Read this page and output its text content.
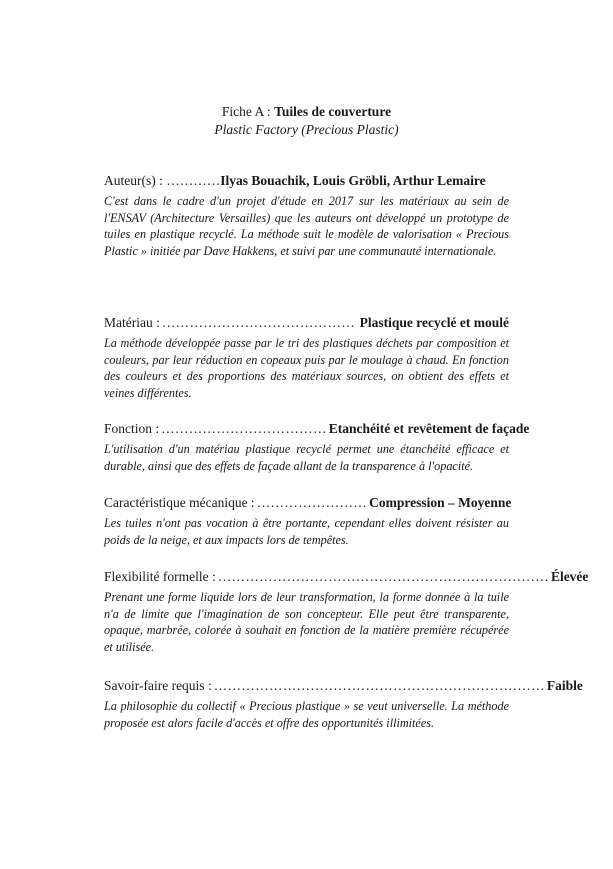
Fiche A : Tuiles de couverture
Plastic Factory (Precious Plastic)
Auteur(s) : …………Ilyas Bouachik, Louis Gröbli, Arthur Lemaire
C'est dans le cadre d'un projet d'étude en 2017 sur les matériaux au sein de l'ENSAV (Architecture Versailles) que les auteurs ont développé un prototype de tuiles en plastique recyclé. La méthode suit le modèle de valorisation « Precious Plastic » initiée par Dave Hakkens, et suivi par une communauté internationale.
Matériau : …………………………………… Plastique recyclé et moulé
La méthode développée passe par le tri des plastiques déchets par composition et couleurs, par leur réduction en copeaux puis par le moulage à chaud. En fonction des couleurs et des proportions des matériaux sources, on obtient des effets et veines différentes.
Fonction : ……………………………… Etanchéité et revêtement de façade
L'utilisation d'un matériau plastique recyclé permet une étanchéité efficace et durable, ainsi que des effets de façade allant de la transparence à l'opacité.
Caractéristique mécanique : …………………… Compression – Moyenne
Les tuiles n'ont pas vocation à être portante, cependant elles doivent résister au poids de la neige, et aux impacts lors de tempêtes.
Flexibilité formelle : ……………………………………………………………… Élevée
Prenant une forme liquide lors de leur transformation, la forme donnée à la tuile n'a de limite que l'imagination de son concepteur. Elle peut être transparente, opaque, marbrée, colorée à souhait en fonction de la matière première récupérée et utilisée.
Savoir-faire requis : ……………………………………………………………… Faible
La philosophie du collectif « Precious plastique » se veut universelle. La méthode proposée est alors facile d'accès et offre des opportunités illimitées.
